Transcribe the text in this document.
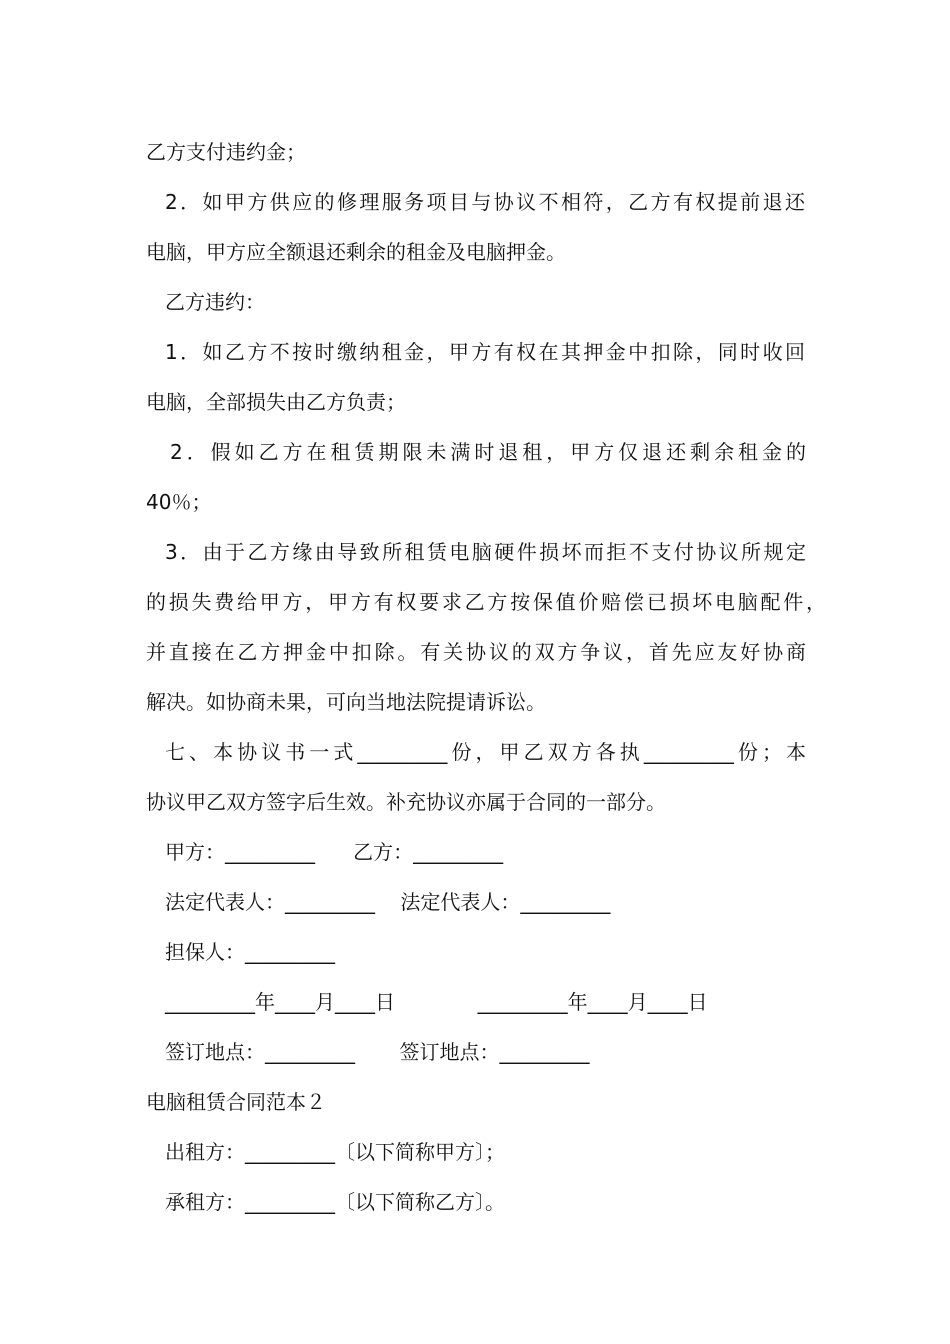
乙方支付违约金；
2．如甲方供应的修理服务项目与协议不相符，乙方有权提前退还
电脑，甲方应全额退还剩余的租金及电脑押金。
乙方违约：
1．如乙方不按时缴纳租金，甲方有权在其押金中扣除，同时收回
电脑，全部损失由乙方负责；
2．假如乙方在租赁期限未满时退租，甲方仅退还剩余租金的
40％；
3．由于乙方缘由导致所租赁电脑硬件损坏而拒不支付协议所规定
的损失费给甲方，甲方有权要求乙方按保值价赔偿已损坏电脑配件，
并直接在乙方押金中扣除。有关协议的双方争议，首先应友好协商
解决。如协商未果，可向当地法院提请诉讼。
七、本协议书一式_________份，甲乙双方各执_________份；本
协议甲乙双方签字后生效。补充协议亦属于合同的一部分。
甲方：_________      乙方：_________
法定代表人：_________    法定代表人：_________
担保人：_________
_________年____月____日             _________年____月____日
签订地点：_________       签订地点：_________
电脑租赁合同范本２
出租方：_________〔以下简称甲方〕；
承租方：_________〔以下简称乙方〕。
